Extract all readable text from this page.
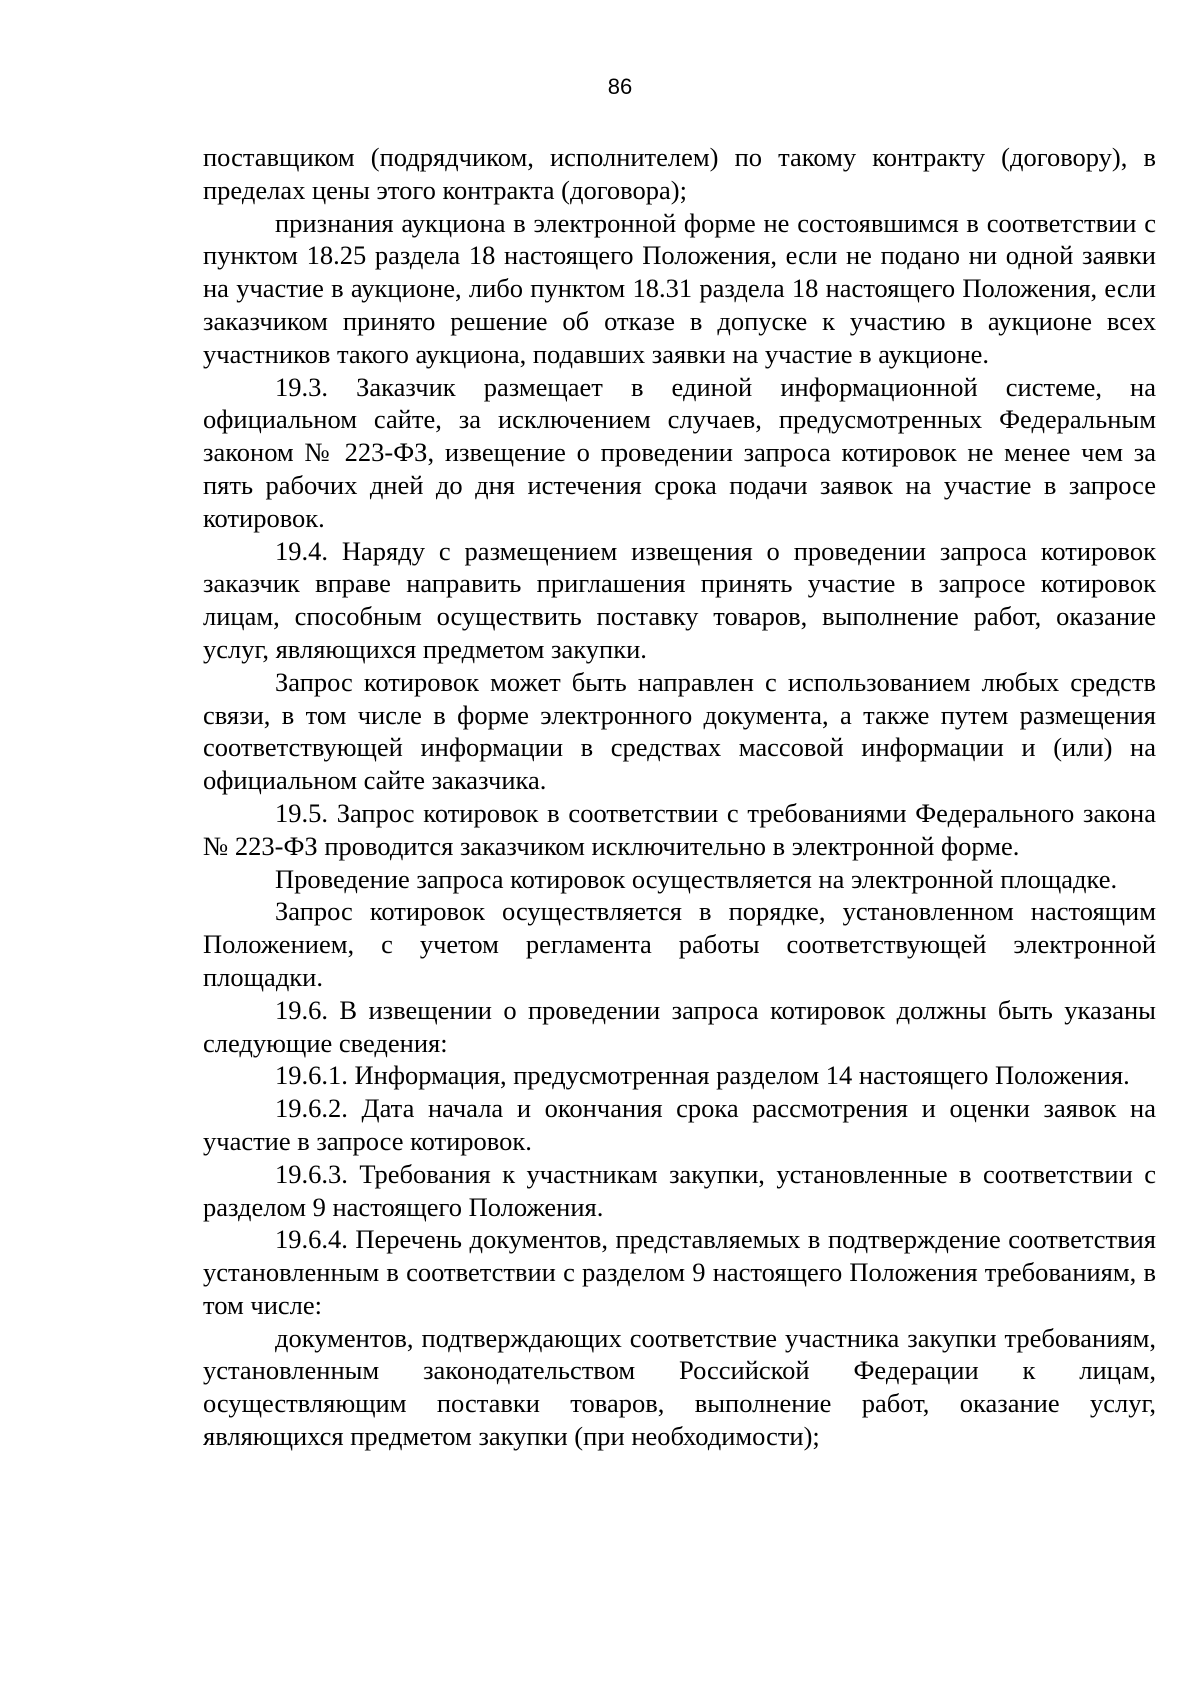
86

поставщиком (подрядчиком, исполнителем) по такому контракту (договору), в пределах цены этого контракта (договора);

признания аукциона в электронной форме не состоявшимся в соответствии с пунктом 18.25 раздела 18 настоящего Положения, если не подано ни одной заявки на участие в аукционе, либо пунктом 18.31 раздела 18 настоящего Положения, если заказчиком принято решение об отказе в допуске к участию в аукционе всех участников такого аукциона, подавших заявки на участие в аукционе.

19.3. Заказчик размещает в единой информационной системе, на официальном сайте, за исключением случаев, предусмотренных Федеральным законом № 223-ФЗ, извещение о проведении запроса котировок не менее чем за пять рабочих дней до дня истечения срока подачи заявок на участие в запросе котировок.

19.4. Наряду с размещением извещения о проведении запроса котировок заказчик вправе направить приглашения принять участие в запросе котировок лицам, способным осуществить поставку товаров, выполнение работ, оказание услуг, являющихся предметом закупки.

Запрос котировок может быть направлен с использованием любых средств связи, в том числе в форме электронного документа, а также путем размещения соответствующей информации в средствах массовой информации и (или) на официальном сайте заказчика.

19.5. Запрос котировок в соответствии с требованиями Федерального закона № 223-ФЗ проводится заказчиком исключительно в электронной форме.

Проведение запроса котировок осуществляется на электронной площадке.

Запрос котировок осуществляется в порядке, установленном настоящим Положением, с учетом регламента работы соответствующей электронной площадки.

19.6. В извещении о проведении запроса котировок должны быть указаны следующие сведения:

19.6.1. Информация, предусмотренная разделом 14 настоящего Положения.

19.6.2. Дата начала и окончания срока рассмотрения и оценки заявок на участие в запросе котировок.

19.6.3. Требования к участникам закупки, установленные в соответствии с разделом 9 настоящего Положения.

19.6.4. Перечень документов, представляемых в подтверждение соответствия установленным в соответствии с разделом 9 настоящего Положения требованиям, в том числе:

документов, подтверждающих соответствие участника закупки требованиям, установленным законодательством Российской Федерации к лицам, осуществляющим поставки товаров, выполнение работ, оказание услуг, являющихся предметом закупки (при необходимости);
